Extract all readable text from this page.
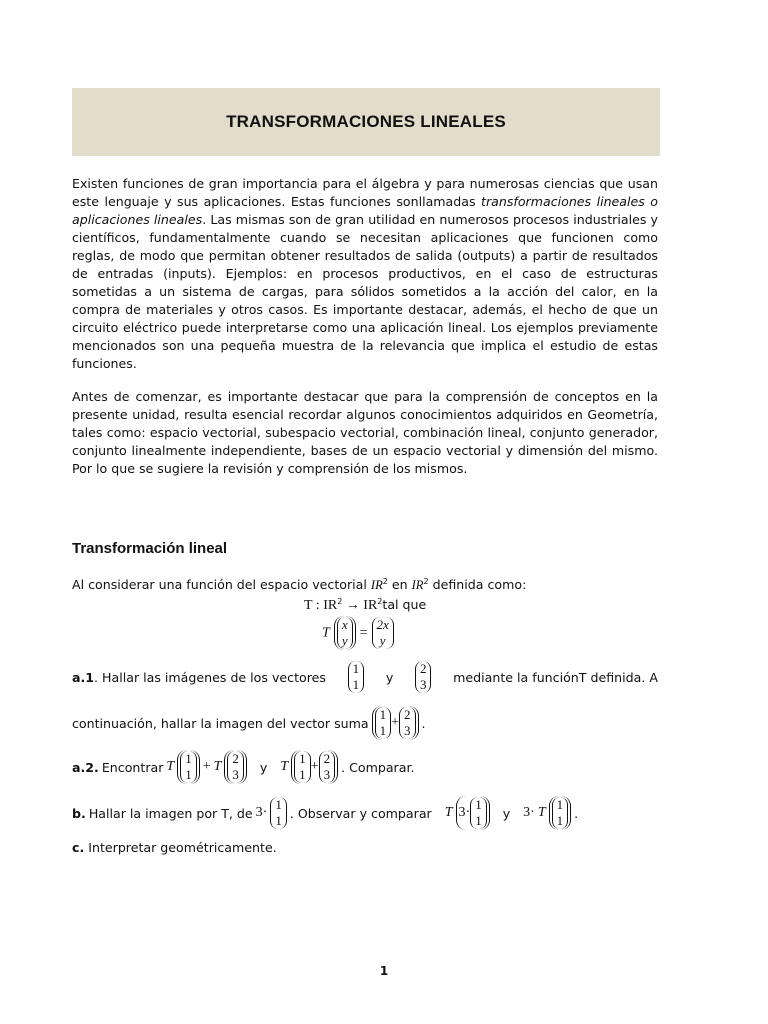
TRANSFORMACIONES LINEALES

Existen funciones de gran importancia para el álgebra y para numerosas ciencias que usan este lenguaje y sus aplicaciones. Estas funciones sonllamadas transformaciones lineales o aplicaciones lineales. Las mismas son de gran utilidad en numerosos procesos industriales y científicos, fundamentalmente cuando se necesitan aplicaciones que funcionen como reglas, de modo que permitan obtener resultados de salida (outputs) a partir de resultados de entradas (inputs). Ejemplos: en procesos productivos, en el caso de estructuras sometidas a un sistema de cargas, para sólidos sometidos a la acción del calor, en la compra de materiales y otros casos. Es importante destacar, además, el hecho de que un circuito eléctrico puede interpretarse como una aplicación lineal. Los ejemplos previamente mencionados son una pequeña muestra de la relevancia que implica el estudio de estas funciones.

Antes de comenzar, es importante destacar que para la comprensión de conceptos en la presente unidad, resulta esencial recordar algunos conocimientos adquiridos en Geometría, tales como: espacio vectorial, subespacio vectorial, combinación lineal, conjunto generador, conjunto linealmente independiente, bases de un espacio vectorial y dimensión del mismo. Por lo que se sugiere la revisión y comprensión de los mismos.

Transformación lineal

Al considerar una función del espacio vectorial $IR^2$ en $IR^2$ definida como:

T : $IR^2 \to IR^2tal$ que

T
x
y =
2x
y
a.1. Hallar las imágenes de los vectores
1
1 y
2
3 mediante la funciónT definida. A
continuación, hallar la imagen del vector suma
1
1
+
2
3 .
a.2. Encontrar T
1
1
+ T
2
3 y T
1
1
+
2
3 . Comparar.
b. Hallar la imagen por T, de 3·
1
1 . Observar y comparar T 3·
1
1 y 3· T
1
1 .

c. Interpretar geométricamente.

1
